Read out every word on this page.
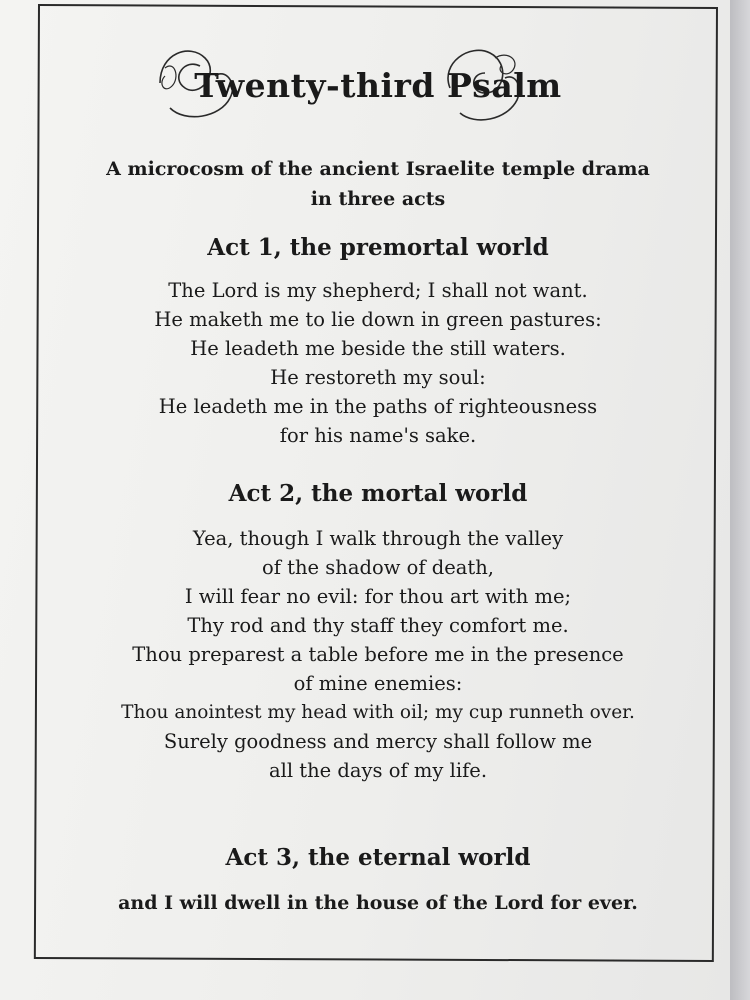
Twenty-third Psalm
A microcosm of the ancient Israelite temple drama
in three acts
Act 1, the premortal world
The Lord is my shepherd; I shall not want.
He maketh me to lie down in green pastures:
He leadeth me beside the still waters.
He restoreth my soul:
He leadeth me in the paths of righteousness
for his name's sake.
Act 2, the mortal world
Yea, though I walk through the valley
of the shadow of death,
I will fear no evil: for thou art with me;
Thy rod and thy staff they comfort me.
Thou preparest a table before me in the presence
of mine enemies:
Thou anointest my head with oil; my cup runneth over.
Surely goodness and mercy shall follow me
all the days of my life.
Act 3, the eternal world
and I will dwell in the house of the Lord for ever.
